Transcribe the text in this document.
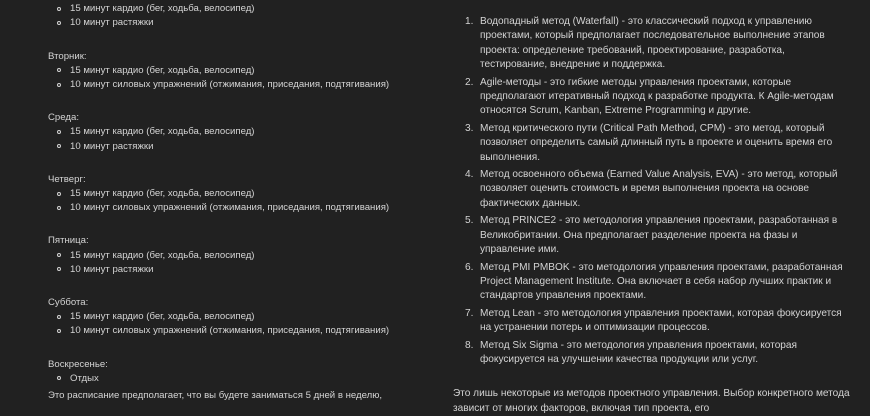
15 минут кардио (бег, ходьба, велосипед)
10 минут растяжки
Вторник:
15 минут кардио (бег, ходьба, велосипед)
10 минут силовых упражнений (отжимания, приседания, подтягивания)
Среда:
15 минут кардио (бег, ходьба, велосипед)
10 минут растяжки
Четверг:
15 минут кардио (бег, ходьба, велосипед)
10 минут силовых упражнений (отжимания, приседания, подтягивания)
Пятница:
15 минут кардио (бег, ходьба, велосипед)
10 минут растяжки
Суббота:
15 минут кардио (бег, ходьба, велосипед)
10 минут силовых упражнений (отжимания, приседания, подтягивания)
Воскресенье:
Отдых
Это расписание предполагает, что вы будете заниматься 5 дней в неделю,
1. Водопадный метод (Waterfall) - это классический подход к управлению проектами, который предполагает последовательное выполнение этапов проекта: определение требований, проектирование, разработка, тестирование, внедрение и поддержка.
2. Agile-методы - это гибкие методы управления проектами, которые предполагают итеративный подход к разработке продукта. К Agile-методам относятся Scrum, Kanban, Extreme Programming и другие.
3. Метод критического пути (Critical Path Method, CPM) - это метод, который позволяет определить самый длинный путь в проекте и оценить время его выполнения.
4. Метод освоенного объема (Earned Value Analysis, EVA) - это метод, который позволяет оценить стоимость и время выполнения проекта на основе фактических данных.
5. Метод PRINCE2 - это методология управления проектами, разработанная в Великобритании. Она предполагает разделение проекта на фазы и управление ими.
6. Метод PMI PMBOK - это методология управления проектами, разработанная Project Management Institute. Она включает в себя набор лучших практик и стандартов управления проектами.
7. Метод Lean - это методология управления проектами, которая фокусируется на устранении потерь и оптимизации процессов.
8. Метод Six Sigma - это методология управления проектами, которая фокусируется на улучшении качества продукции или услуг.
Это лишь некоторые из методов проектного управления. Выбор конкретного метода зависит от многих факторов, включая тип проекта, его
